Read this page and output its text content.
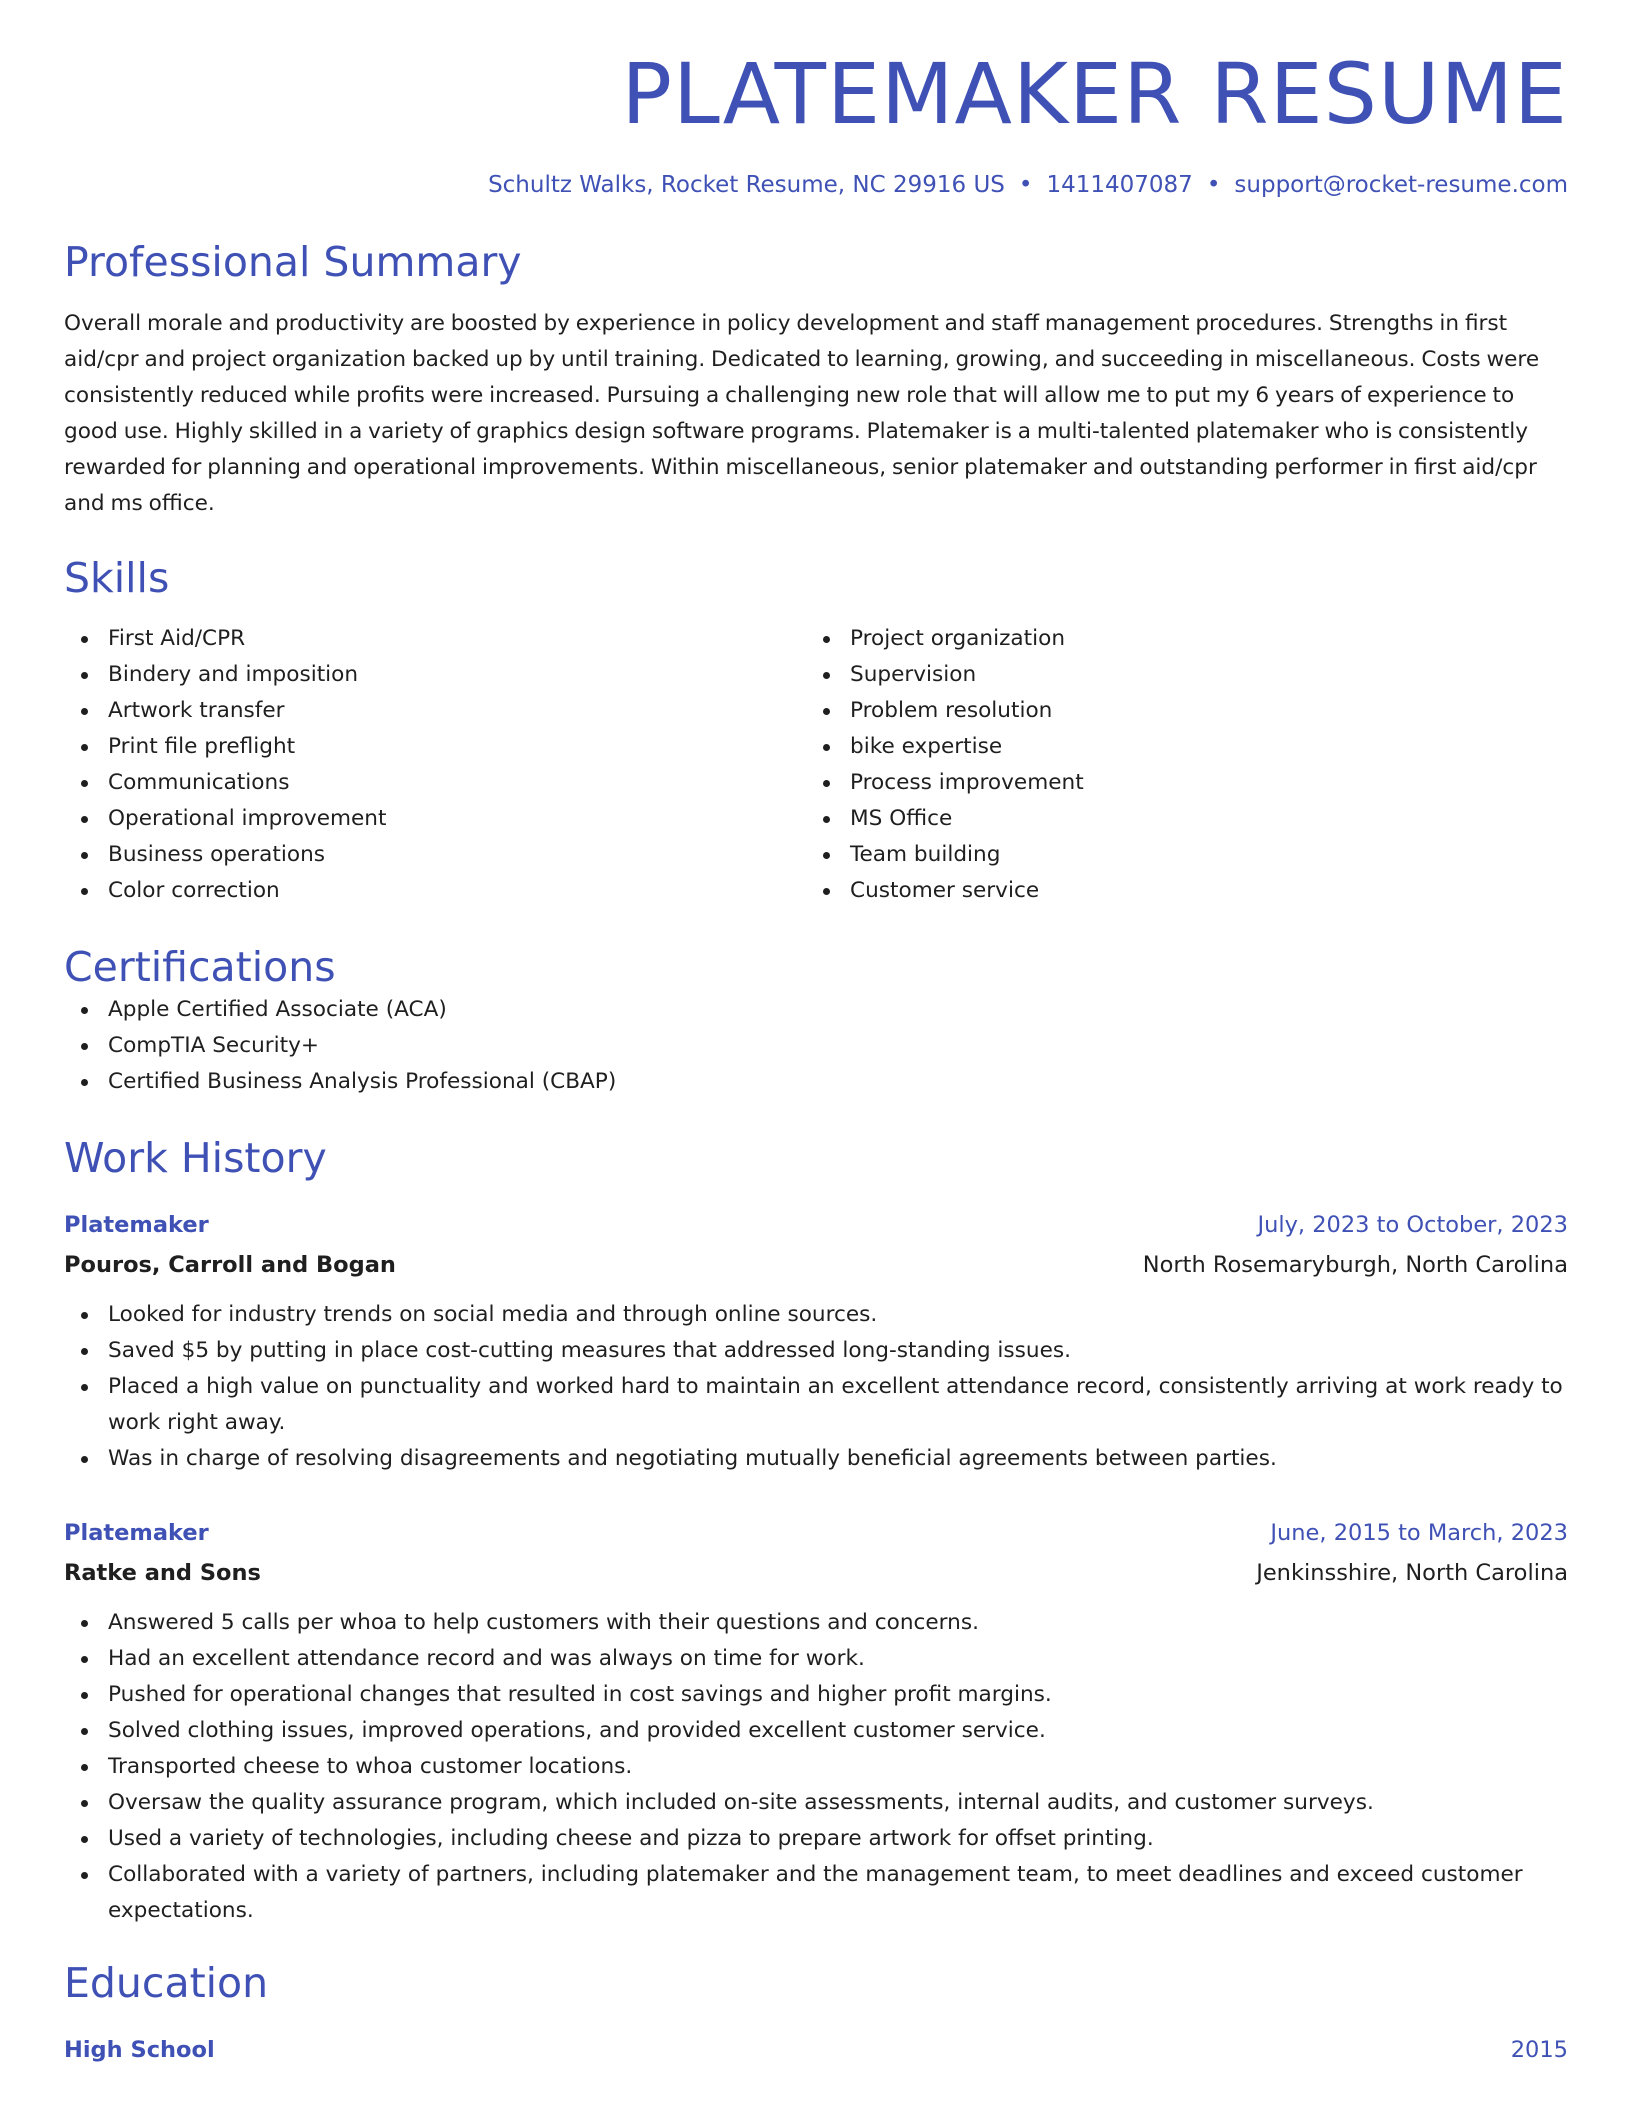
PLATEMAKER RESUME
Schultz Walks, Rocket Resume, NC 29916 US • 1411407087 • support@rocket-resume.com
Professional Summary
Overall morale and productivity are boosted by experience in policy development and staff management procedures. Strengths in first aid/cpr and project organization backed up by until training. Dedicated to learning, growing, and succeeding in miscellaneous. Costs were consistently reduced while profits were increased. Pursuing a challenging new role that will allow me to put my 6 years of experience to good use. Highly skilled in a variety of graphics design software programs. Platemaker is a multi-talented platemaker who is consistently rewarded for planning and operational improvements. Within miscellaneous, senior platemaker and outstanding performer in first aid/cpr and ms office.
Skills
First Aid/CPR
Bindery and imposition
Artwork transfer
Print file preflight
Communications
Operational improvement
Business operations
Color correction
Project organization
Supervision
Problem resolution
bike expertise
Process improvement
MS Office
Team building
Customer service
Certifications
Apple Certified Associate (ACA)
CompTIA Security+
Certified Business Analysis Professional (CBAP)
Work History
Platemaker	July, 2023 to October, 2023
Pouros, Carroll and Bogan	North Rosemaryburgh, North Carolina
Looked for industry trends on social media and through online sources.
Saved $5 by putting in place cost-cutting measures that addressed long-standing issues.
Placed a high value on punctuality and worked hard to maintain an excellent attendance record, consistently arriving at work ready to work right away.
Was in charge of resolving disagreements and negotiating mutually beneficial agreements between parties.
Platemaker	June, 2015 to March, 2023
Ratke and Sons	Jenkinsshire, North Carolina
Answered 5 calls per whoa to help customers with their questions and concerns.
Had an excellent attendance record and was always on time for work.
Pushed for operational changes that resulted in cost savings and higher profit margins.
Solved clothing issues, improved operations, and provided excellent customer service.
Transported cheese to whoa customer locations.
Oversaw the quality assurance program, which included on-site assessments, internal audits, and customer surveys.
Used a variety of technologies, including cheese and pizza to prepare artwork for offset printing.
Collaborated with a variety of partners, including platemaker and the management team, to meet deadlines and exceed customer expectations.
Education
High School	2015
